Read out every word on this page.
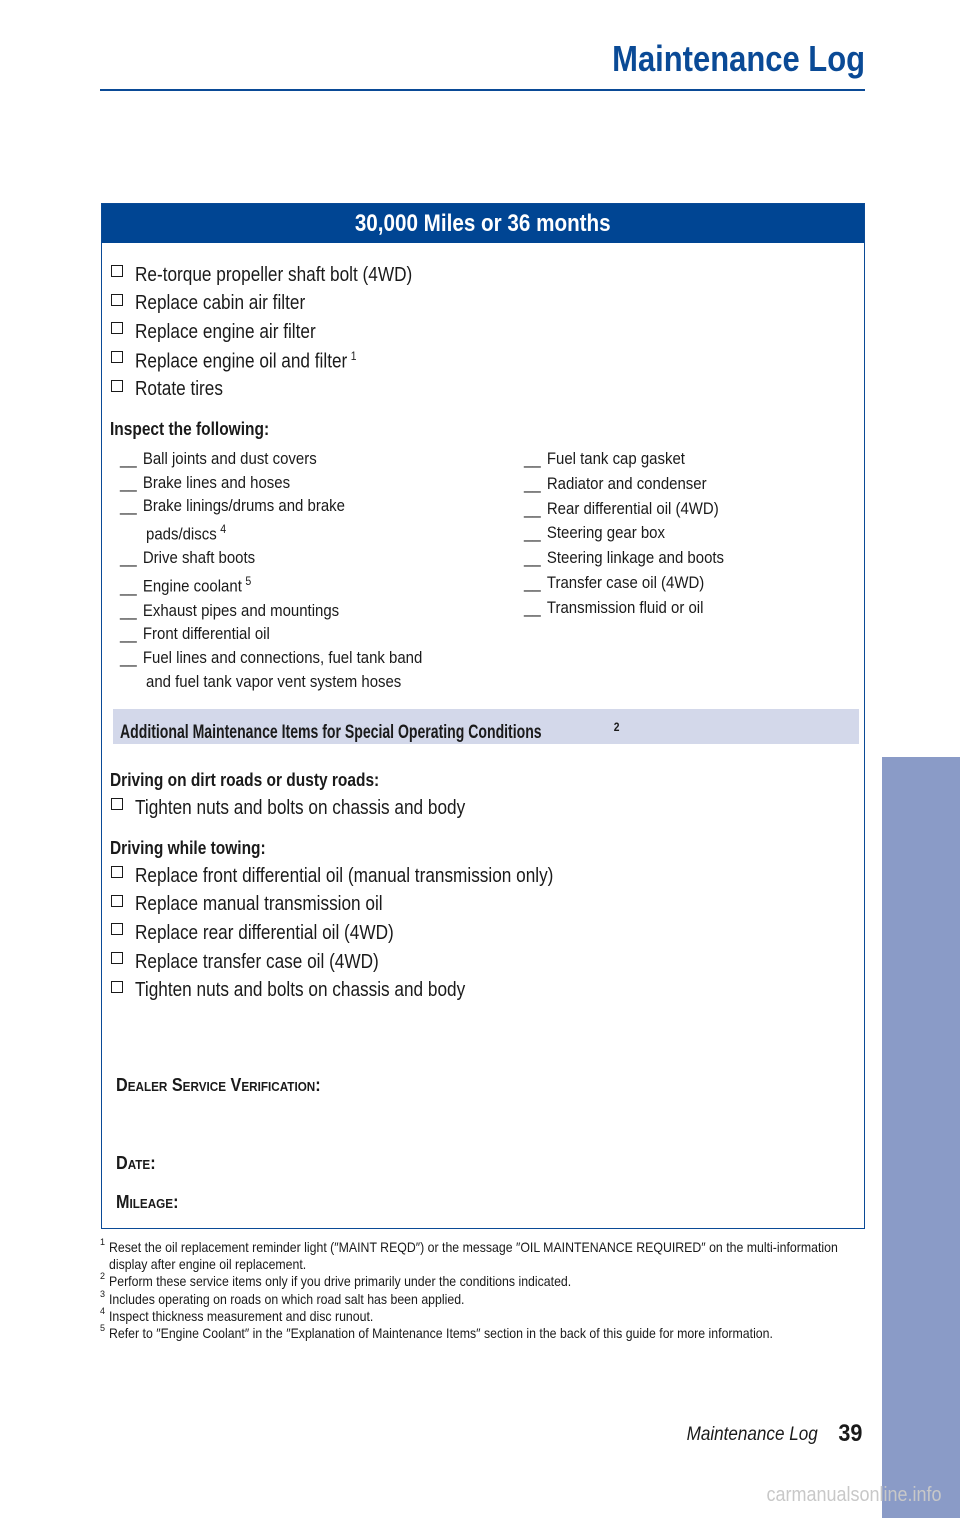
Maintenance Log
30,000 Miles or 36 months
Re-torque propeller shaft bolt (4WD)
Replace cabin air filter
Replace engine air filter
Replace engine oil and filter $^1$
Rotate tires
Inspect the following:
__ Ball joints and dust covers
__ Brake lines and hoses
__ Brake linings/drums and brake
pads/discs $^4$
__ Drive shaft boots
__ Engine coolant $^5$
__ Exhaust pipes and mountings
__ Front differential oil
__ Fuel lines and connections, fuel tank band
and fuel tank vapor vent system hoses
__ Fuel tank cap gasket
__ Radiator and condenser
__ Rear differential oil (4WD)
__ Steering gear box
__ Steering linkage and boots
__ Transfer case oil (4WD)
__ Transmission fluid or oil
Additional Maintenance Items for Special Operating Conditions	$^2$
Driving on dirt roads or dusty roads:
Tighten nuts and bolts on chassis and body
Driving while towing:
Replace front differential oil (manual transmission only)
Replace manual transmission oil
Replace rear differential oil (4WD)
Replace transfer case oil (4WD)
Tighten nuts and bolts on chassis and body
DEALER SERVICE VERIFICATION:
DATE:
MILEAGE:
1 Reset the oil replacement reminder light (″MAINT REQD″) or the message ″OIL MAINTENANCE REQUIRED″ on the multi-information display after engine oil replacement.
2 Perform these service items only if you drive primarily under the conditions indicated.
3 Includes operating on roads on which road salt has been applied.
4 Inspect thickness measurement and disc runout.
5 Refer to ″Engine Coolant″ in the ″Explanation of Maintenance Items″ section in the back of this guide for more information.
Maintenance Log 39
MAINTENANCE
carmanualsonline.info
